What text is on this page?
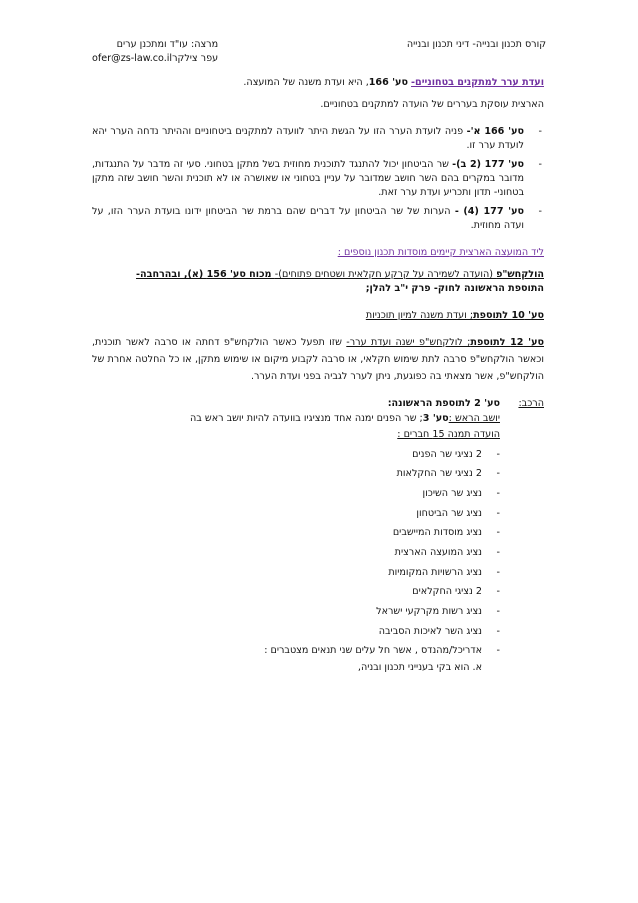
קורס תכנון ובנייה- דיני תכנון ובנייה
מרצה: עו"ד ומתכנן ערים
עפר צילקרofer@zs-law.co.il

ועדת ערר למתקנים בטחוניים- סע' 166, היא ועדת משנה של המועצה.

הארצית עוסקת בעררים של הועדה למתקנים בטחוניים.

- סע' 166 א'- פניה לועדת הערר הזו על הגשת היתר לוועדה למתקנים ביטחוניים וההיתר נדחה הערר יהא לועדת ערר זו.
- סע' 177 (2 ב)- שר הביטחון יכול להתנגד לתוכנית מחוזית בשל מתקן בטחוני. סעי זה מדבר על התנגדות, מדובר במקרים בהם השר חושב שמדובר על עניין בטחוני או שאושרה או לא תוכנית והשר חושב שזה מתקן בטחוני- תדון ותכריע ועדת ערר זאת.
- סע' 177 (4) - הערות של שר הביטחון על דברים שהם ברמת שר הביטחון ידונו בועדת הערר הזו, על ועדה מחוזית.

ליד המועצה הארצית קיימים מוסדות תכנון נוספים :

הולקחש"פ (הועדה לשמירה על קרקע חקלאית ושטחים פתוחים)- מכוח סע' 156 (א), ובהרחבה-

התוספת הראשונה לחוק- פרק י"ב להלן;

סע' 10 לתוספת; ועדת משנה למיון תוכניות

סע' 12 לתוספת; לולקחש"פ ישנה ועדת ערר- שזו תפעל כאשר הולקחש"פ דחתה או סרבה לאשר תוכנית, וכאשר הולקחש"פ סרבה לתת שימוש חקלאי, או סרבה לקבוע מיקום או שימוש מתקן, או כל החלטה אחרת של הולקחש"פ, אשר מצאתי בה כפוגעת, ניתן לערר לגביה בפני ועדת הערר.

הרכב:

סע' 2 לתוספת הראשונה:

יושב הראש :סע' 3; שר הפנים ימנה אחד מנציגיו בוועדה להיות יושב ראש בה

הועדה תמנה 15 חברים :

- 2 נציגי שר הפנים
- 2 נציגי שר החקלאות
- נציג שר השיכון
- נציג שר הביטחון
- נציג מוסדות המיישבים
- נציג המועצה הארצית
- נציג הרשויות המקומיות
- 2 נציגי החקלאים
- נציג רשות מקרקעי ישראל
- נציג השר לאיכות הסביבה
- אדריכל/מהנדס , אשר חל עלים שני תנאים מצטברים :

א. הוא בקי בענייני תכנון ובניה,
